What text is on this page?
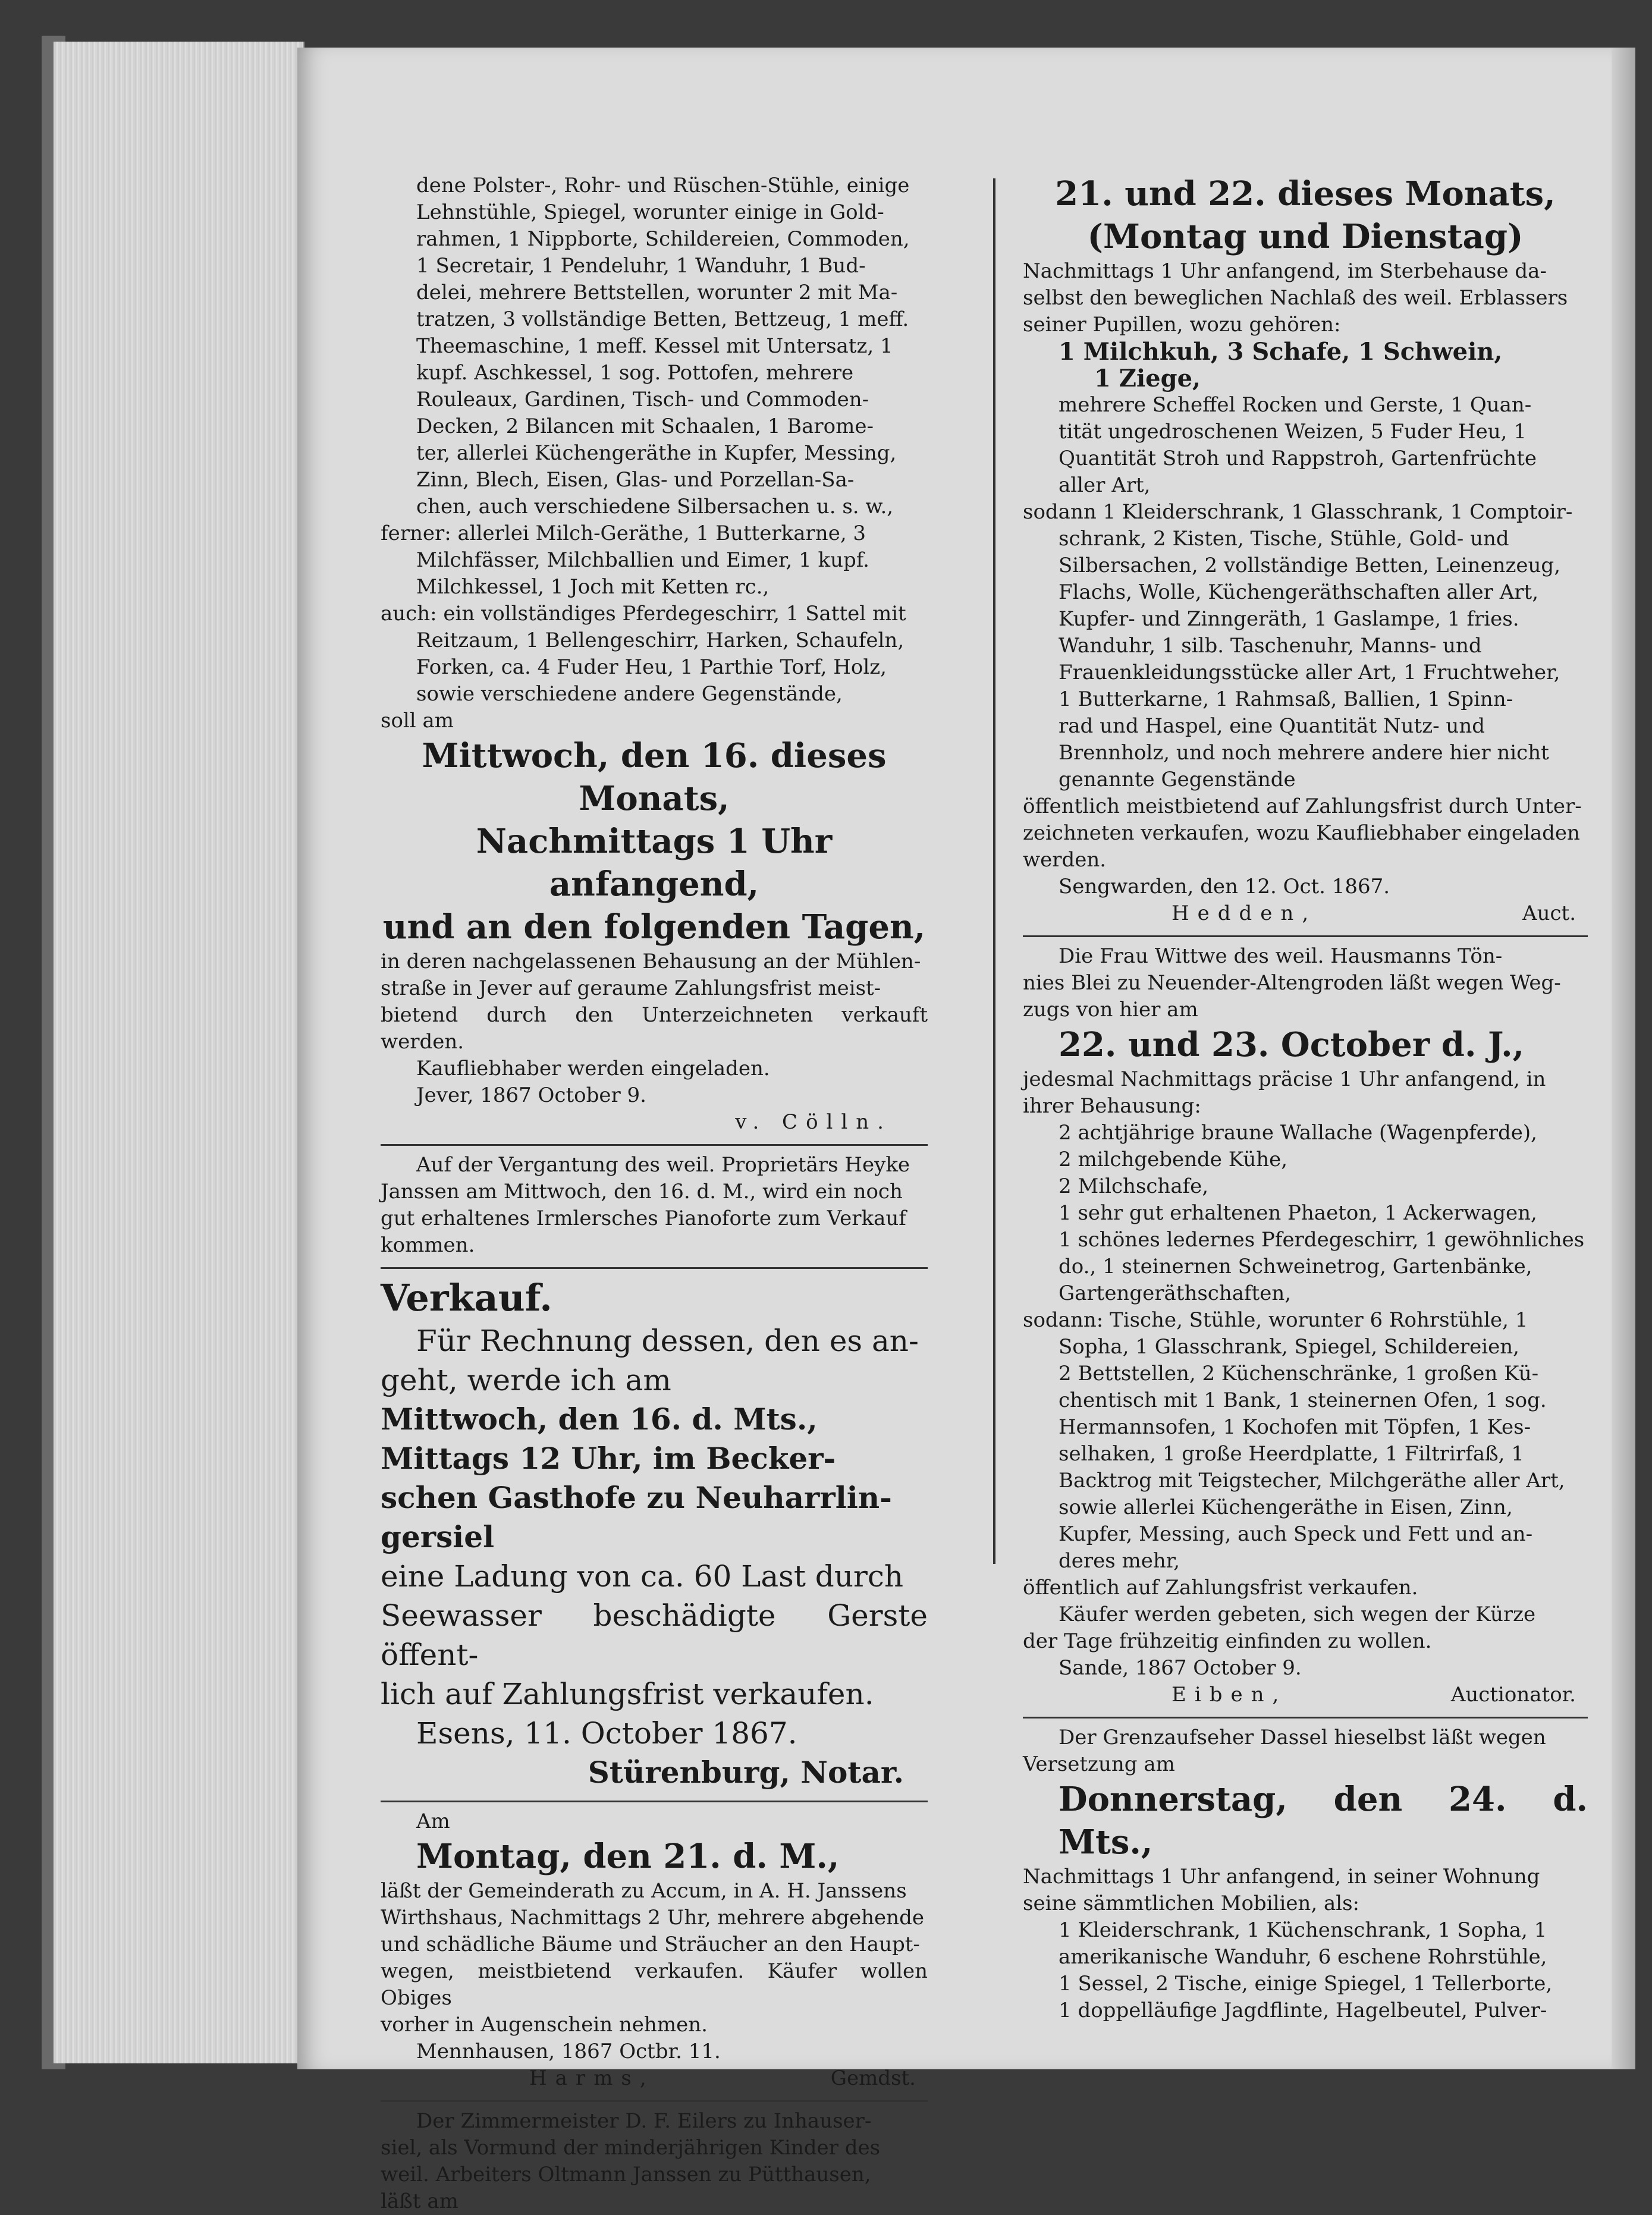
dene Polster-, Rohr- und Rüschen-Stühle, einige
Lehnstühle, Spiegel, worunter einige in Gold-
rahmen, 1 Nippborte, Schildereien, Commoden,
1 Secretair, 1 Pendeluhr, 1 Wanduhr, 1 Bud-
delei, mehrere Bettstellen, worunter 2 mit Ma-
tratzen, 3 vollständige Betten, Bettzeug, 1 meff.
Theemaschine, 1 meff. Kessel mit Untersatz, 1
kupf. Aschkessel, 1 sog. Pottofen, mehrere
Rouleaux, Gardinen, Tisch- und Commoden-
Decken, 2 Bilancen mit Schaalen, 1 Barome-
ter, allerlei Küchengeräthe in Kupfer, Messing,
Zinn, Blech, Eisen, Glas- und Porzellan-Sa-
chen, auch verschiedene Silbersachen u. s. w.,
ferner: allerlei Milch-Geräthe, 1 Butterkarne, 3
Milchfässer, Milchballien und Eimer, 1 kupf.
Milchkessel, 1 Joch mit Ketten rc.,
auch: ein vollständiges Pferdegeschirr, 1 Sattel mit
Reitzaum, 1 Bellengeschirr, Harken, Schaufeln,
Forken, ca. 4 Fuder Heu, 1 Parthie Torf, Holz,
sowie verschiedene andere Gegenstände,
soll am
Mittwoch, den 16. dieses Monats,
Nachmittags 1 Uhr anfangend,
und an den folgenden Tagen,
in deren nachgelassenen Behausung an der Mühlen-
straße in Jever auf geraume Zahlungsfrist meist-
bietend durch den Unterzeichneten verkauft werden.
Kaufliebhaber werden eingeladen.
Jever, 1867 October 9.
v. Cölln.
Auf der Vergantung des weil. Proprietärs Heyke
Janssen am Mittwoch, den 16. d. M., wird ein noch
gut erhaltenes Irmlersches Pianoforte zum Verkauf
kommen.
Verkauf.
Für Rechnung dessen, den es an-
geht, werde ich am
Mittwoch, den 16. d. Mts.,
Mittags 12 Uhr, im Becker-
schen Gasthofe zu Neuharrlin-
gersiel
eine Ladung von ca. 60 Last durch
Seewasser beschädigte Gerste öffent-
lich auf Zahlungsfrist verkaufen.
Esens, 11. October 1867.
Stürenburg, Notar.
Am
Montag, den 21. d. M.,
läßt der Gemeinderath zu Accum, in A. H. Janssens
Wirthshaus, Nachmittags 2 Uhr, mehrere abgehende
und schädliche Bäume und Sträucher an den Haupt-
wegen, meistbietend verkaufen. Käufer wollen Obiges
vorher in Augenschein nehmen.
Mennhausen, 1867 Octbr. 11.
Harms,	Gemdst.
Der Zimmermeister D. F. Eilers zu Inhauser-
siel, als Vormund der minderjährigen Kinder des
weil. Arbeiters Oltmann Janssen zu Pütthausen,
läßt am
21. und 22. dieses Monats,
(Montag und Dienstag)
Nachmittags 1 Uhr anfangend, im Sterbehause da-
selbst den beweglichen Nachlaß des weil. Erblassers
seiner Pupillen, wozu gehören:
1 Milchkuh, 3 Schafe, 1 Schwein,
1 Ziege,
mehrere Scheffel Rocken und Gerste, 1 Quan-
tität ungedroschenen Weizen, 5 Fuder Heu, 1
Quantität Stroh und Rappstroh, Gartenfrüchte
aller Art,
sodann 1 Kleiderschrank, 1 Glasschrank, 1 Comptoir-
schrank, 2 Kisten, Tische, Stühle, Gold- und
Silbersachen, 2 vollständige Betten, Leinenzeug,
Flachs, Wolle, Küchengeräthschaften aller Art,
Kupfer- und Zinngeräth, 1 Gaslampe, 1 fries.
Wanduhr, 1 silb. Taschenuhr, Manns- und
Frauenkleidungsstücke aller Art, 1 Fruchtweher,
1 Butterkarne, 1 Rahmsaß, Ballien, 1 Spinn-
rad und Haspel, eine Quantität Nutz- und
Brennholz, und noch mehrere andere hier nicht
genannte Gegenstände
öffentlich meistbietend auf Zahlungsfrist durch Unter-
zeichneten verkaufen, wozu Kaufliebhaber eingeladen
werden.
Sengwarden, den 12. Oct. 1867.
Hedden,	Auct.
Die Frau Wittwe des weil. Hausmanns Tön-
nies Blei zu Neuender-Altengroden läßt wegen Weg-
zugs von hier am
22. und 23. October d. J.,
jedesmal Nachmittags präcise 1 Uhr anfangend, in
ihrer Behausung:
2 achtjährige braune Wallache (Wagenpferde),
2 milchgebende Kühe,
2 Milchschafe,
1 sehr gut erhaltenen Phaeton, 1 Ackerwagen,
1 schönes ledernes Pferdegeschirr, 1 gewöhnliches
do., 1 steinernen Schweinetrog, Gartenbänke,
Gartengeräthschaften,
sodann: Tische, Stühle, worunter 6 Rohrstühle, 1
Sopha, 1 Glasschrank, Spiegel, Schildereien,
2 Bettstellen, 2 Küchenschränke, 1 großen Kü-
chentisch mit 1 Bank, 1 steinernen Ofen, 1 sog.
Hermannsofen, 1 Kochofen mit Töpfen, 1 Kes-
selhaken, 1 große Heerdplatte, 1 Filtrirfaß, 1
Backtrog mit Teigstecher, Milchgeräthe aller Art,
sowie allerlei Küchengeräthe in Eisen, Zinn,
Kupfer, Messing, auch Speck und Fett und an-
deres mehr,
öffentlich auf Zahlungsfrist verkaufen.
Käufer werden gebeten, sich wegen der Kürze
der Tage frühzeitig einfinden zu wollen.
Sande, 1867 October 9.
Eiben,	Auctionator.
Der Grenzaufseher Dassel hieselbst läßt wegen
Versetzung am
Donnerstag, den 24. d. Mts.,
Nachmittags 1 Uhr anfangend, in seiner Wohnung
seine sämmtlichen Mobilien, als:
1 Kleiderschrank, 1 Küchenschrank, 1 Sopha, 1
amerikanische Wanduhr, 6 eschene Rohrstühle,
1 Sessel, 2 Tische, einige Spiegel, 1 Tellerborte,
1 doppelläufige Jagdflinte, Hagelbeutel, Pulver-
